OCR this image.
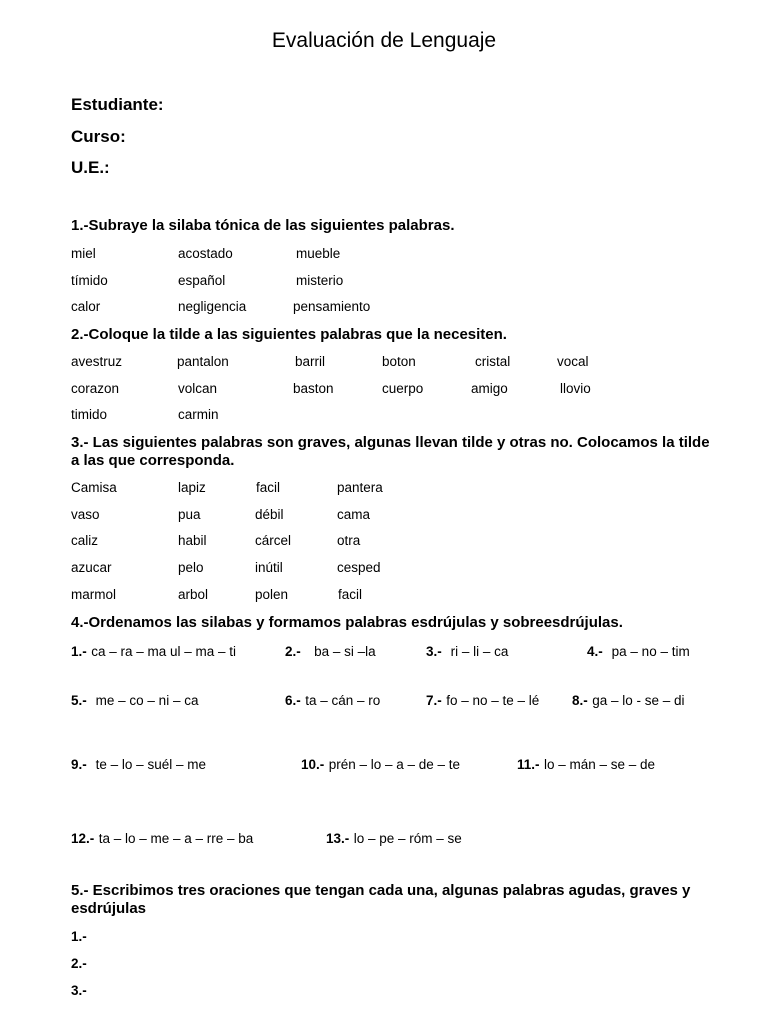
Evaluación de Lenguaje
Estudiante:
Curso:
U.E.:
1.-Subraye la silaba tónica de las siguientes palabras.
miel	acostado	mueble
tímido	español	misterio
calor	negligencia	pensamiento
2.-Coloque la tilde a las siguientes palabras que la necesiten.
avestruz	pantalon	barril	boton	cristal	vocal
corazon	volcan	baston	cuerpo	amigo	llovio
timido	carmin
3.- Las siguientes palabras son graves, algunas llevan tilde y otras no. Colocamos la tilde a las que corresponda.
Camisa	lapiz	facil	pantera
vaso	pua	débil	cama
caliz	habil	cárcel	otra
azucar	pelo	inútil	cesped
marmol	arbol	polen	facil
4.-Ordenamos las silabas y formamos palabras esdrújulas y sobreesdrújulas.
1.- ca – ra – ma ul – ma – ti	2.- ba – si –la	3.- ri – li – ca	4.- pa – no – tim
5.- me – co – ni – ca	6.- ta – cán – ro	7.- fo – no – te – lé 8.- ga – lo - se – di
9.- te – lo – suél – me	10.- prén – lo – a – de – te	11.- lo – mán – se – de
12.- ta – lo – me – a – rre – ba	13.- lo – pe – róm – se
5.- Escribimos tres oraciones que tengan cada una, algunas palabras agudas, graves y esdrújulas
1.-
2.-
3.-
